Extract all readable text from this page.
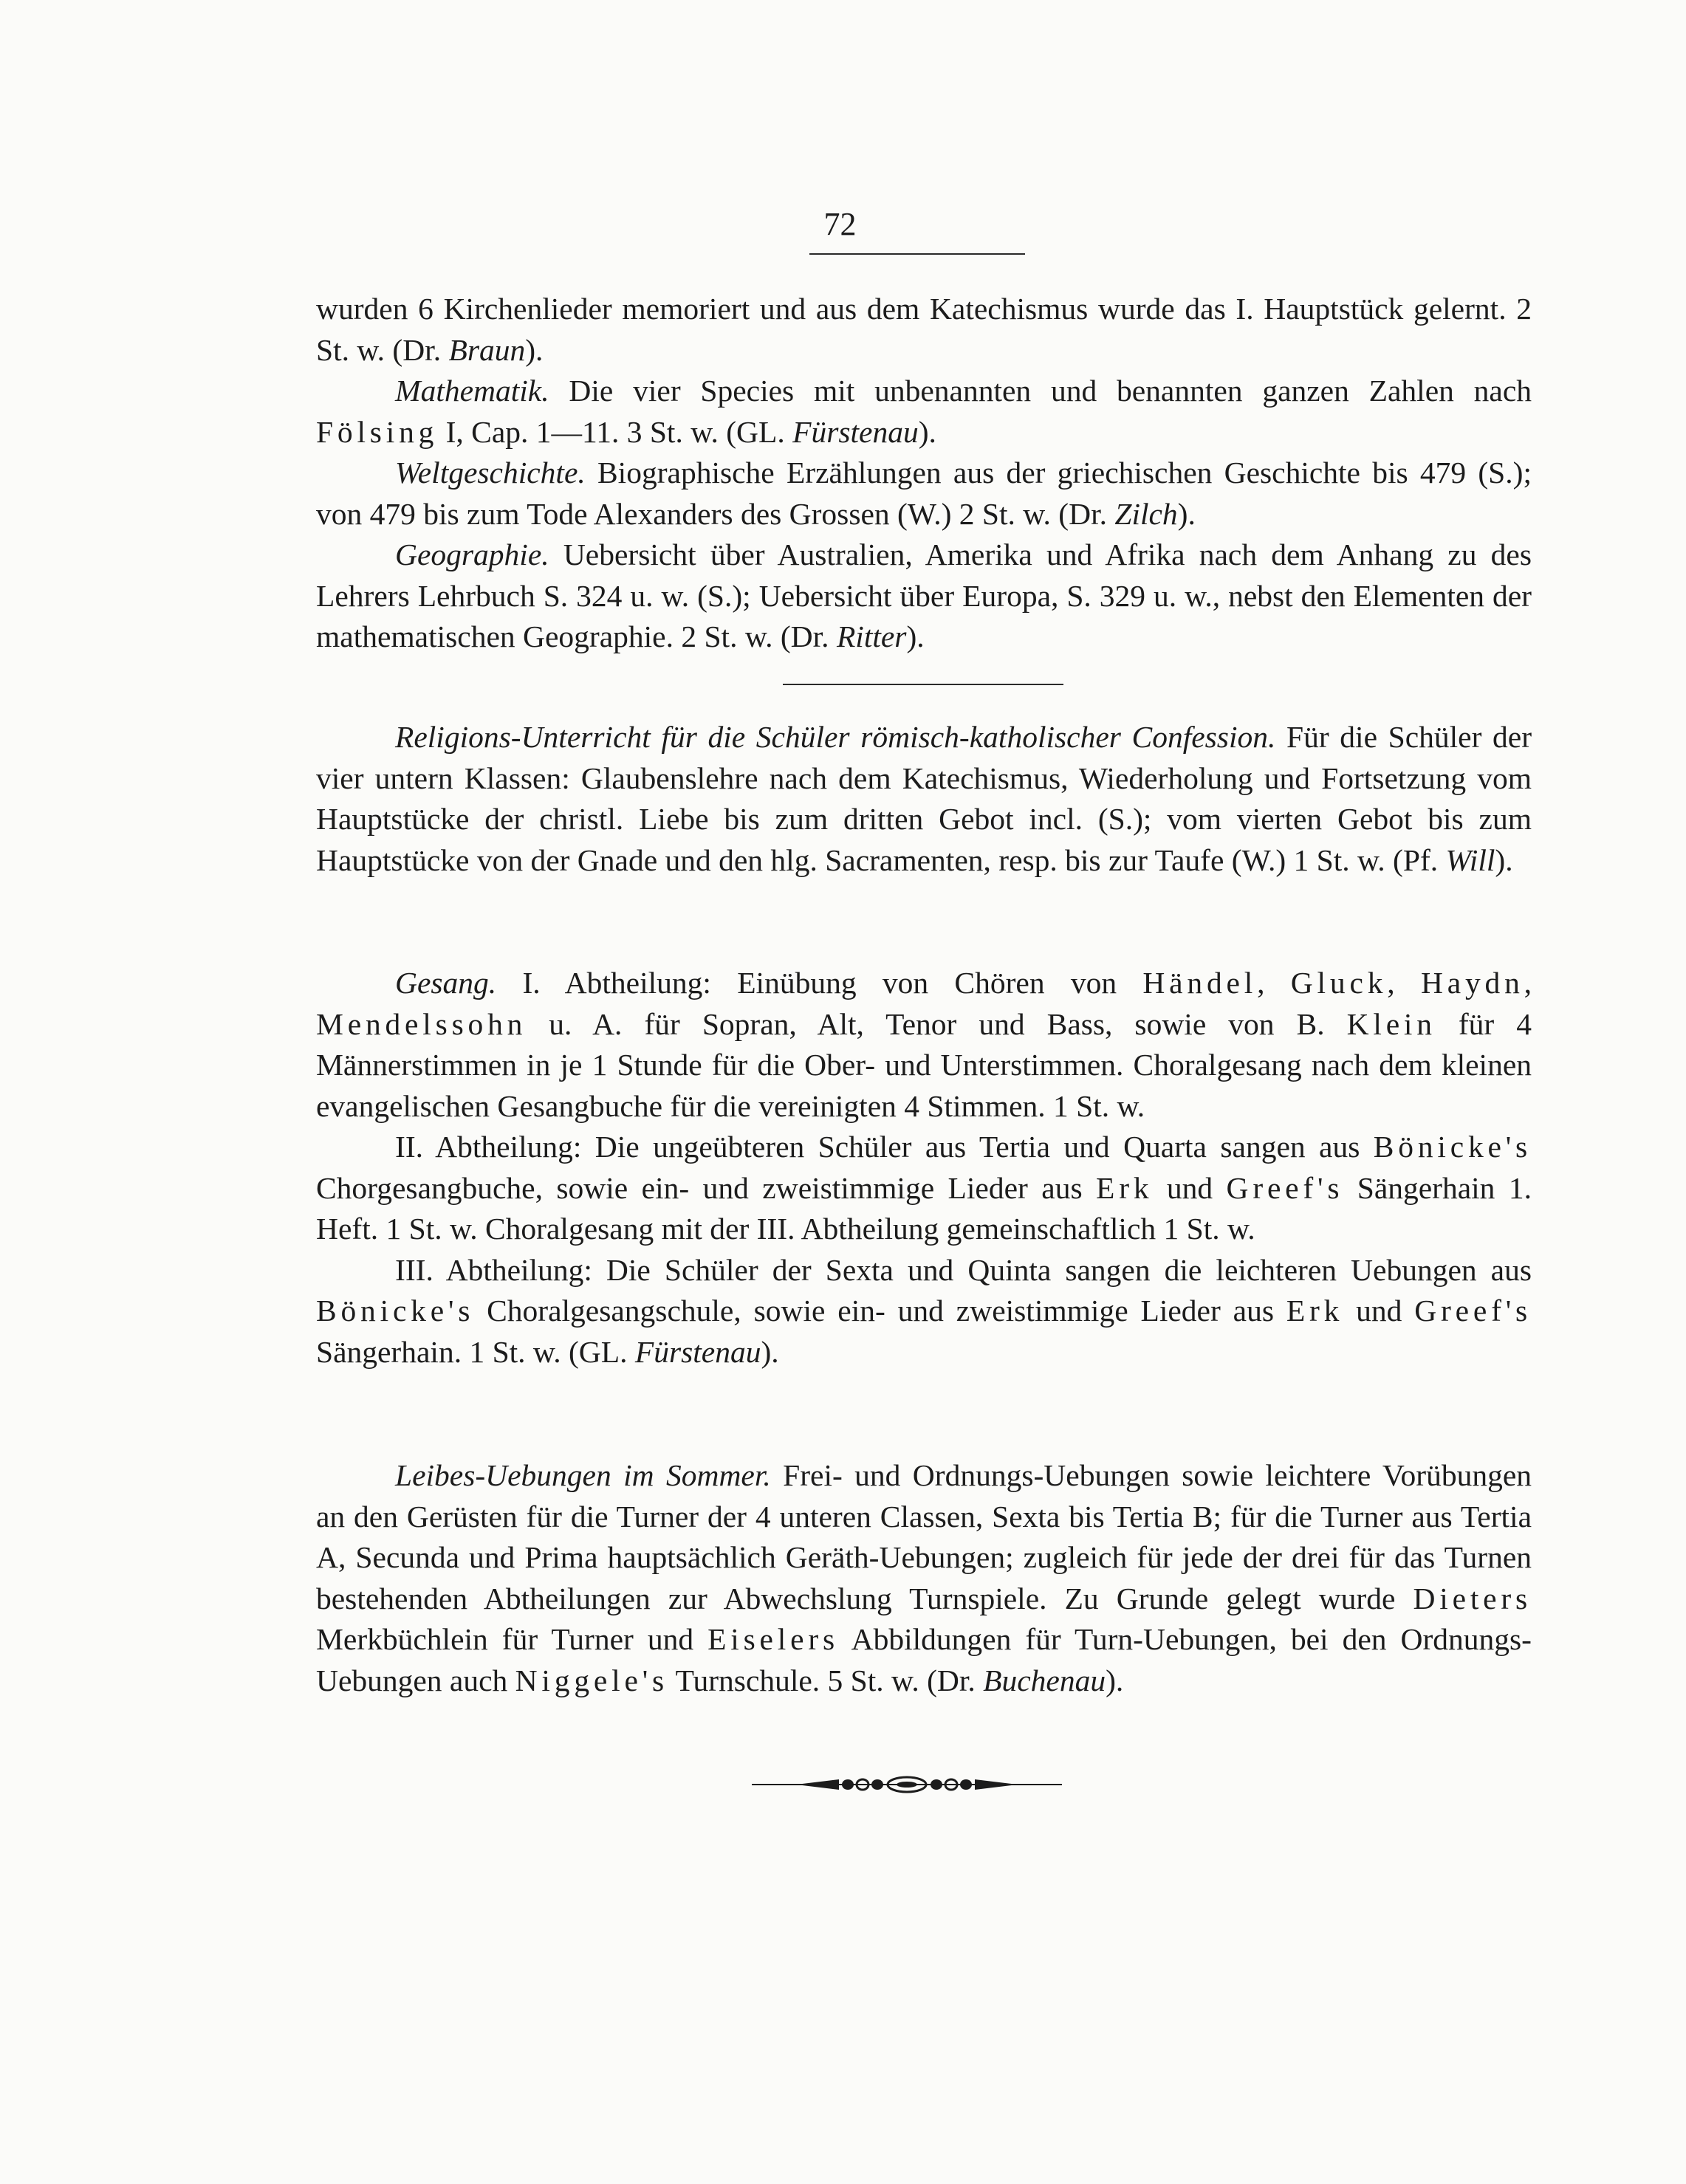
72

wurden 6 Kirchenlieder memoriert und aus dem Katechismus wurde das I. Hauptstück gelernt. 2 St. w. (Dr. Braun).

Mathematik. Die vier Species mit unbenannten und benannten ganzen Zahlen nach Fölsing I, Cap. 1—11. 3 St. w. (GL. Fürstenau).

Weltgeschichte. Biographische Erzählungen aus der griechischen Geschichte bis 479 (S.); von 479 bis zum Tode Alexanders des Grossen (W.) 2 St. w. (Dr. Zilch).

Geographie. Uebersicht über Australien, Amerika und Afrika nach dem Anhang zu des Lehrers Lehrbuch S. 324 u. w. (S.); Uebersicht über Europa, S. 329 u. w., nebst den Elementen der mathematischen Geographie. 2 St. w. (Dr. Ritter).

Religions-Unterricht für die Schüler römisch-katholischer Confession. Für die Schüler der vier untern Klassen: Glaubenslehre nach dem Katechismus, Wiederholung und Fortsetzung vom Hauptstücke der christl. Liebe bis zum dritten Gebot incl. (S.); vom vierten Gebot bis zum Hauptstücke von der Gnade und den hlg. Sacramenten, resp. bis zur Taufe (W.) 1 St. w. (Pf. Will).

Gesang. I. Abtheilung: Einübung von Chören von Händel, Gluck, Haydn, Mendelssohn u. A. für Sopran, Alt, Tenor und Bass, sowie von B. Klein für 4 Männerstimmen in je 1 Stunde für die Ober- und Unterstimmen. Choralgesang nach dem kleinen evangelischen Gesangbuche für die vereinigten 4 Stimmen. 1 St. w.

II. Abtheilung: Die ungeübteren Schüler aus Tertia und Quarta sangen aus Bönicke's Chorgesangbuche, sowie ein- und zweistimmige Lieder aus Erk und Greef's Sängerhain 1. Heft. 1 St. w. Choralgesang mit der III. Abtheilung gemeinschaftlich 1 St. w.

III. Abtheilung: Die Schüler der Sexta und Quinta sangen die leichteren Uebungen aus Bönicke's Choralgesangschule, sowie ein- und zweistimmige Lieder aus Erk und Greef's Sängerhain. 1 St. w. (GL. Fürstenau).

Leibes-Uebungen im Sommer. Frei- und Ordnungs-Uebungen sowie leichtere Vorübungen an den Gerüsten für die Turner der 4 unteren Classen, Sexta bis Tertia B; für die Turner aus Tertia A, Secunda und Prima hauptsächlich Geräth-Uebungen; zugleich für jede der drei für das Turnen bestehenden Abtheilungen zur Abwechslung Turnspiele. Zu Grunde gelegt wurde Dieters Merkbüchlein für Turner und Eiselers Abbildungen für Turn-Uebungen, bei den Ordnungs-Uebungen auch Niggele's Turnschule. 5 St. w. (Dr. Buchenau).
